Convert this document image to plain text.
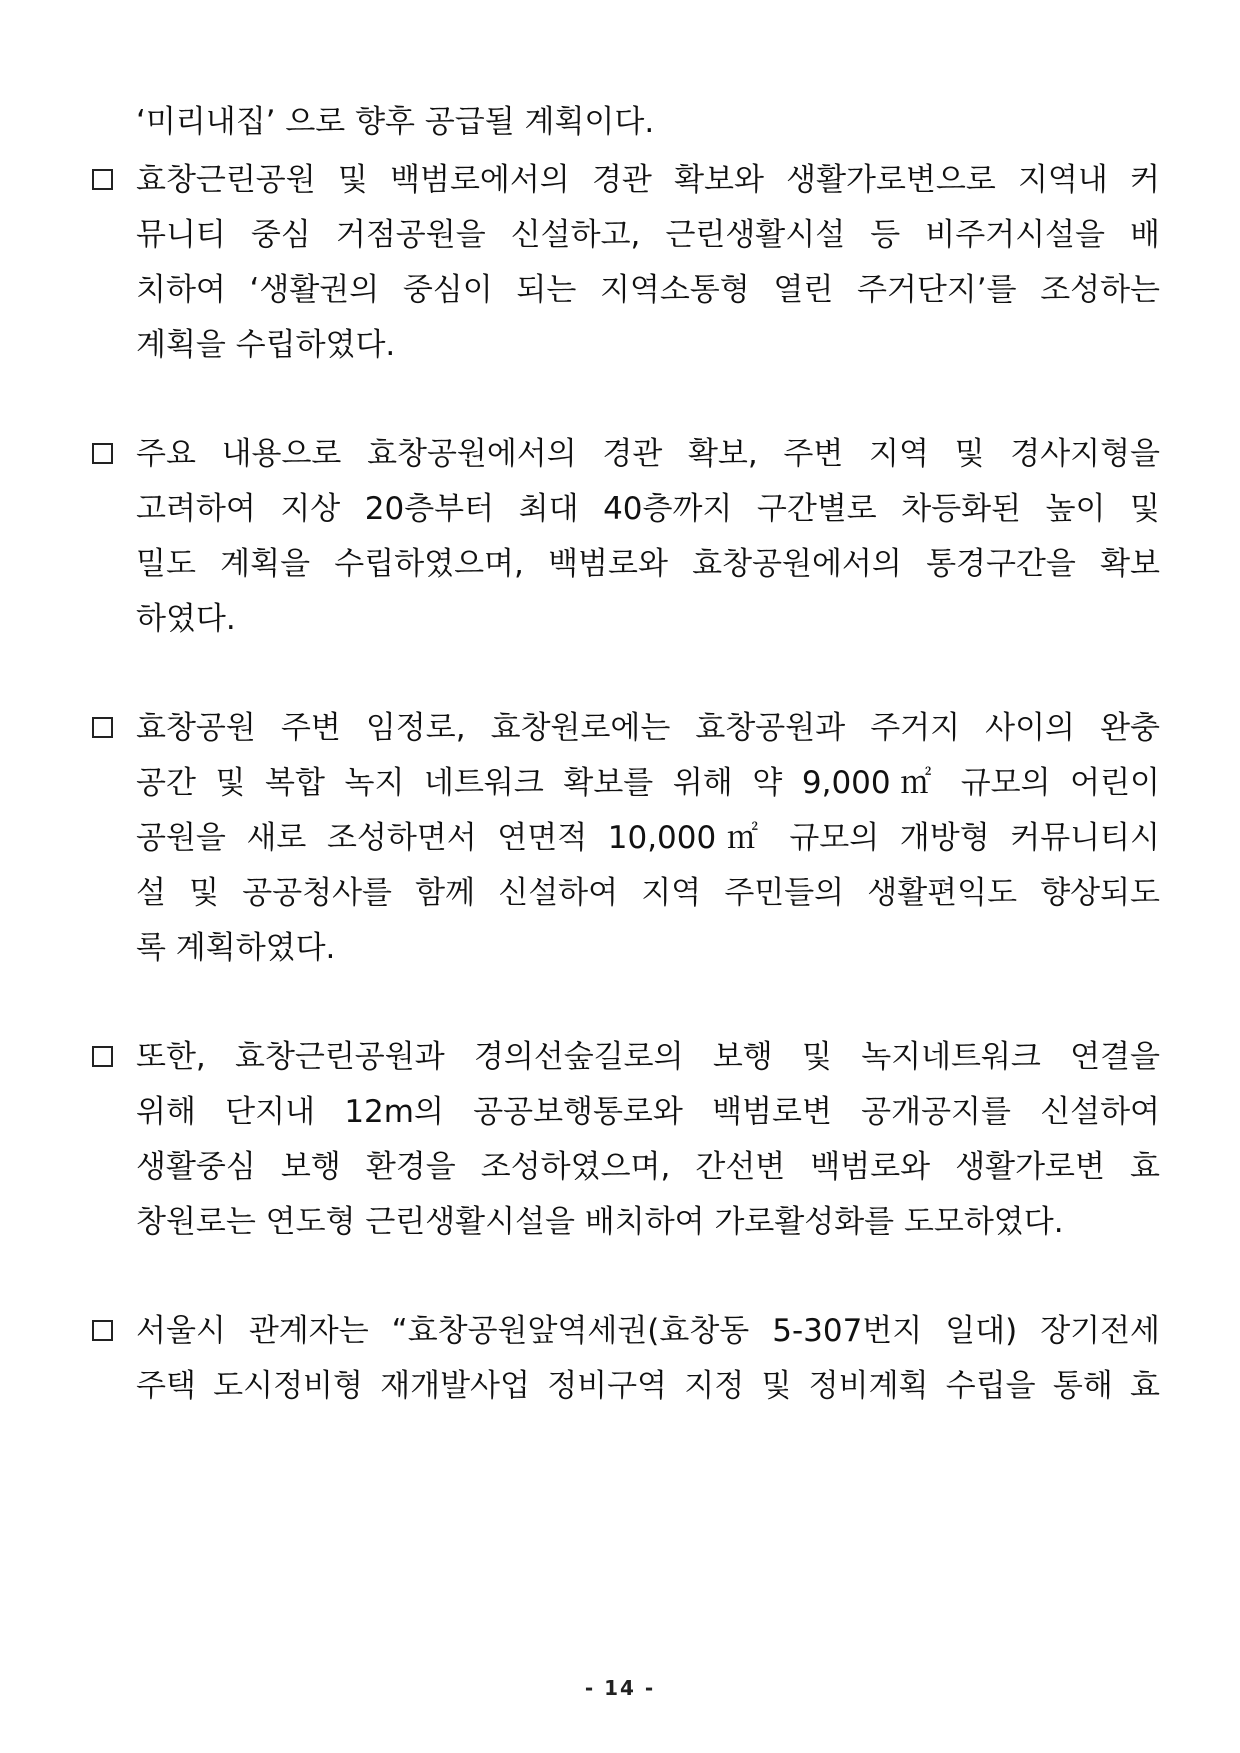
‘미리내집’ 으로 향후 공급될 계획이다.
효창근린공원 및 백범로에서의 경관 확보와 생활가로변으로 지역내 커
뮤니티 중심 거점공원을 신설하고, 근린생활시설 등 비주거시설을 배
치하여 ‘생활권의 중심이 되는 지역소통형 열린 주거단지’를 조성하는
계획을 수립하였다.
주요 내용으로 효창공원에서의 경관 확보, 주변 지역 및 경사지형을
고려하여 지상 20층부터 최대 40층까지 구간별로 차등화된 높이 및
밀도 계획을 수립하였으며, 백범로와 효창공원에서의 통경구간을 확보
하였다.
효창공원 주변 임정로, 효창원로에는 효창공원과 주거지 사이의 완충
공간 및 복합 녹지 네트워크 확보를 위해 약 9,000㎡ 규모의 어린이
공원을 새로 조성하면서 연면적 10,000㎡ 규모의 개방형 커뮤니티시
설 및 공공청사를 함께 신설하여 지역 주민들의 생활편익도 향상되도
록 계획하였다.
또한, 효창근린공원과 경의선숲길로의 보행 및 녹지네트워크 연결을
위해 단지내 12m의 공공보행통로와 백범로변 공개공지를 신설하여
생활중심 보행 환경을 조성하였으며, 간선변 백범로와 생활가로변 효
창원로는 연도형 근린생활시설을 배치하여 가로활성화를 도모하였다.
서울시 관계자는 “효창공원앞역세권(효창동 5-307번지 일대) 장기전세
주택 도시정비형 재개발사업 정비구역 지정 및 정비계획 수립을 통해 효
- 14 -
